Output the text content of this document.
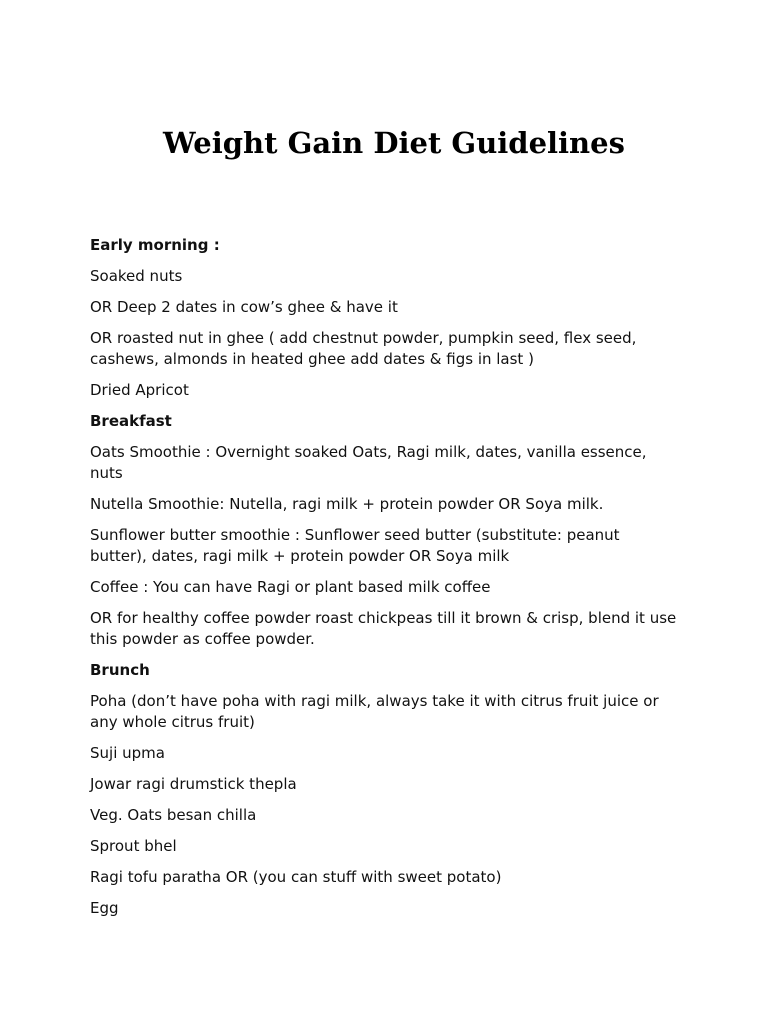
Weight Gain Diet Guidelines

Early morning :

Soaked nuts

OR Deep 2 dates in cow’s ghee & have it

OR roasted nut in ghee ( add chestnut powder, pumpkin seed, flex seed, cashews, almonds in heated ghee add dates & figs in last )

Dried Apricot

Breakfast

Oats Smoothie : Overnight soaked Oats, Ragi milk, dates, vanilla essence, nuts

Nutella Smoothie: Nutella, ragi milk + protein powder OR Soya milk.

Sunflower butter smoothie : Sunflower seed butter (substitute: peanut butter), dates, ragi milk + protein powder OR Soya milk

Coffee : You can have Ragi or plant based milk coffee

OR for healthy coffee powder roast chickpeas till it brown & crisp, blend it use this powder as coffee powder.

Brunch

Poha (don’t have poha with ragi milk, always take it with citrus fruit juice or any whole citrus fruit)

Suji upma

Jowar ragi drumstick thepla

Veg. Oats besan chilla

Sprout bhel

Ragi tofu paratha OR (you can stuff with sweet potato)

Egg
